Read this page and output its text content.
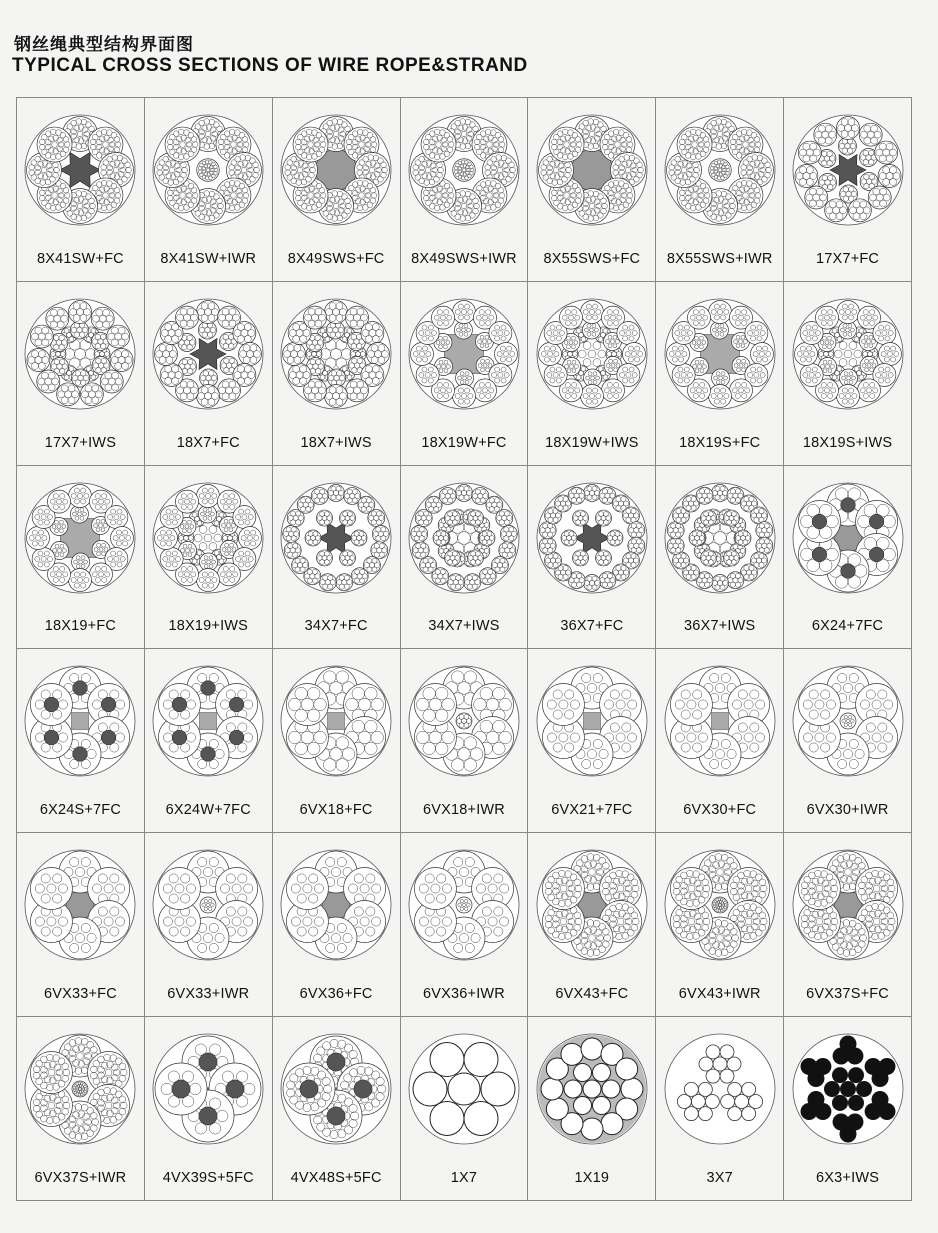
钢丝绳典型结构界面图
TYPICAL CROSS SECTIONS OF WIRE ROPE&STRAND
8X41SW+FC	8X41SW+IWR	8X49SWS+FC	8X49SWS+IWR	8X55SWS+FC	8X55SWS+IWR	17X7+FC
17X7+IWS	18X7+FC	18X7+IWS	18X19W+FC	18X19W+IWS	18X19S+FC	18X19S+IWS
18X19+FC	18X19+IWS	34X7+FC	34X7+IWS	36X7+FC	36X7+IWS	6X24+7FC
6X24S+7FC	6X24W+7FC	6VX18+FC	6VX18+IWR	6VX21+7FC	6VX30+FC	6VX30+IWR
6VX33+FC	6VX33+IWR	6VX36+FC	6VX36+IWR	6VX43+FC	6VX43+IWR	6VX37S+FC
6VX37S+IWR	4VX39S+5FC	4VX48S+5FC	1X7	1X19	3X7	6X3+IWS
